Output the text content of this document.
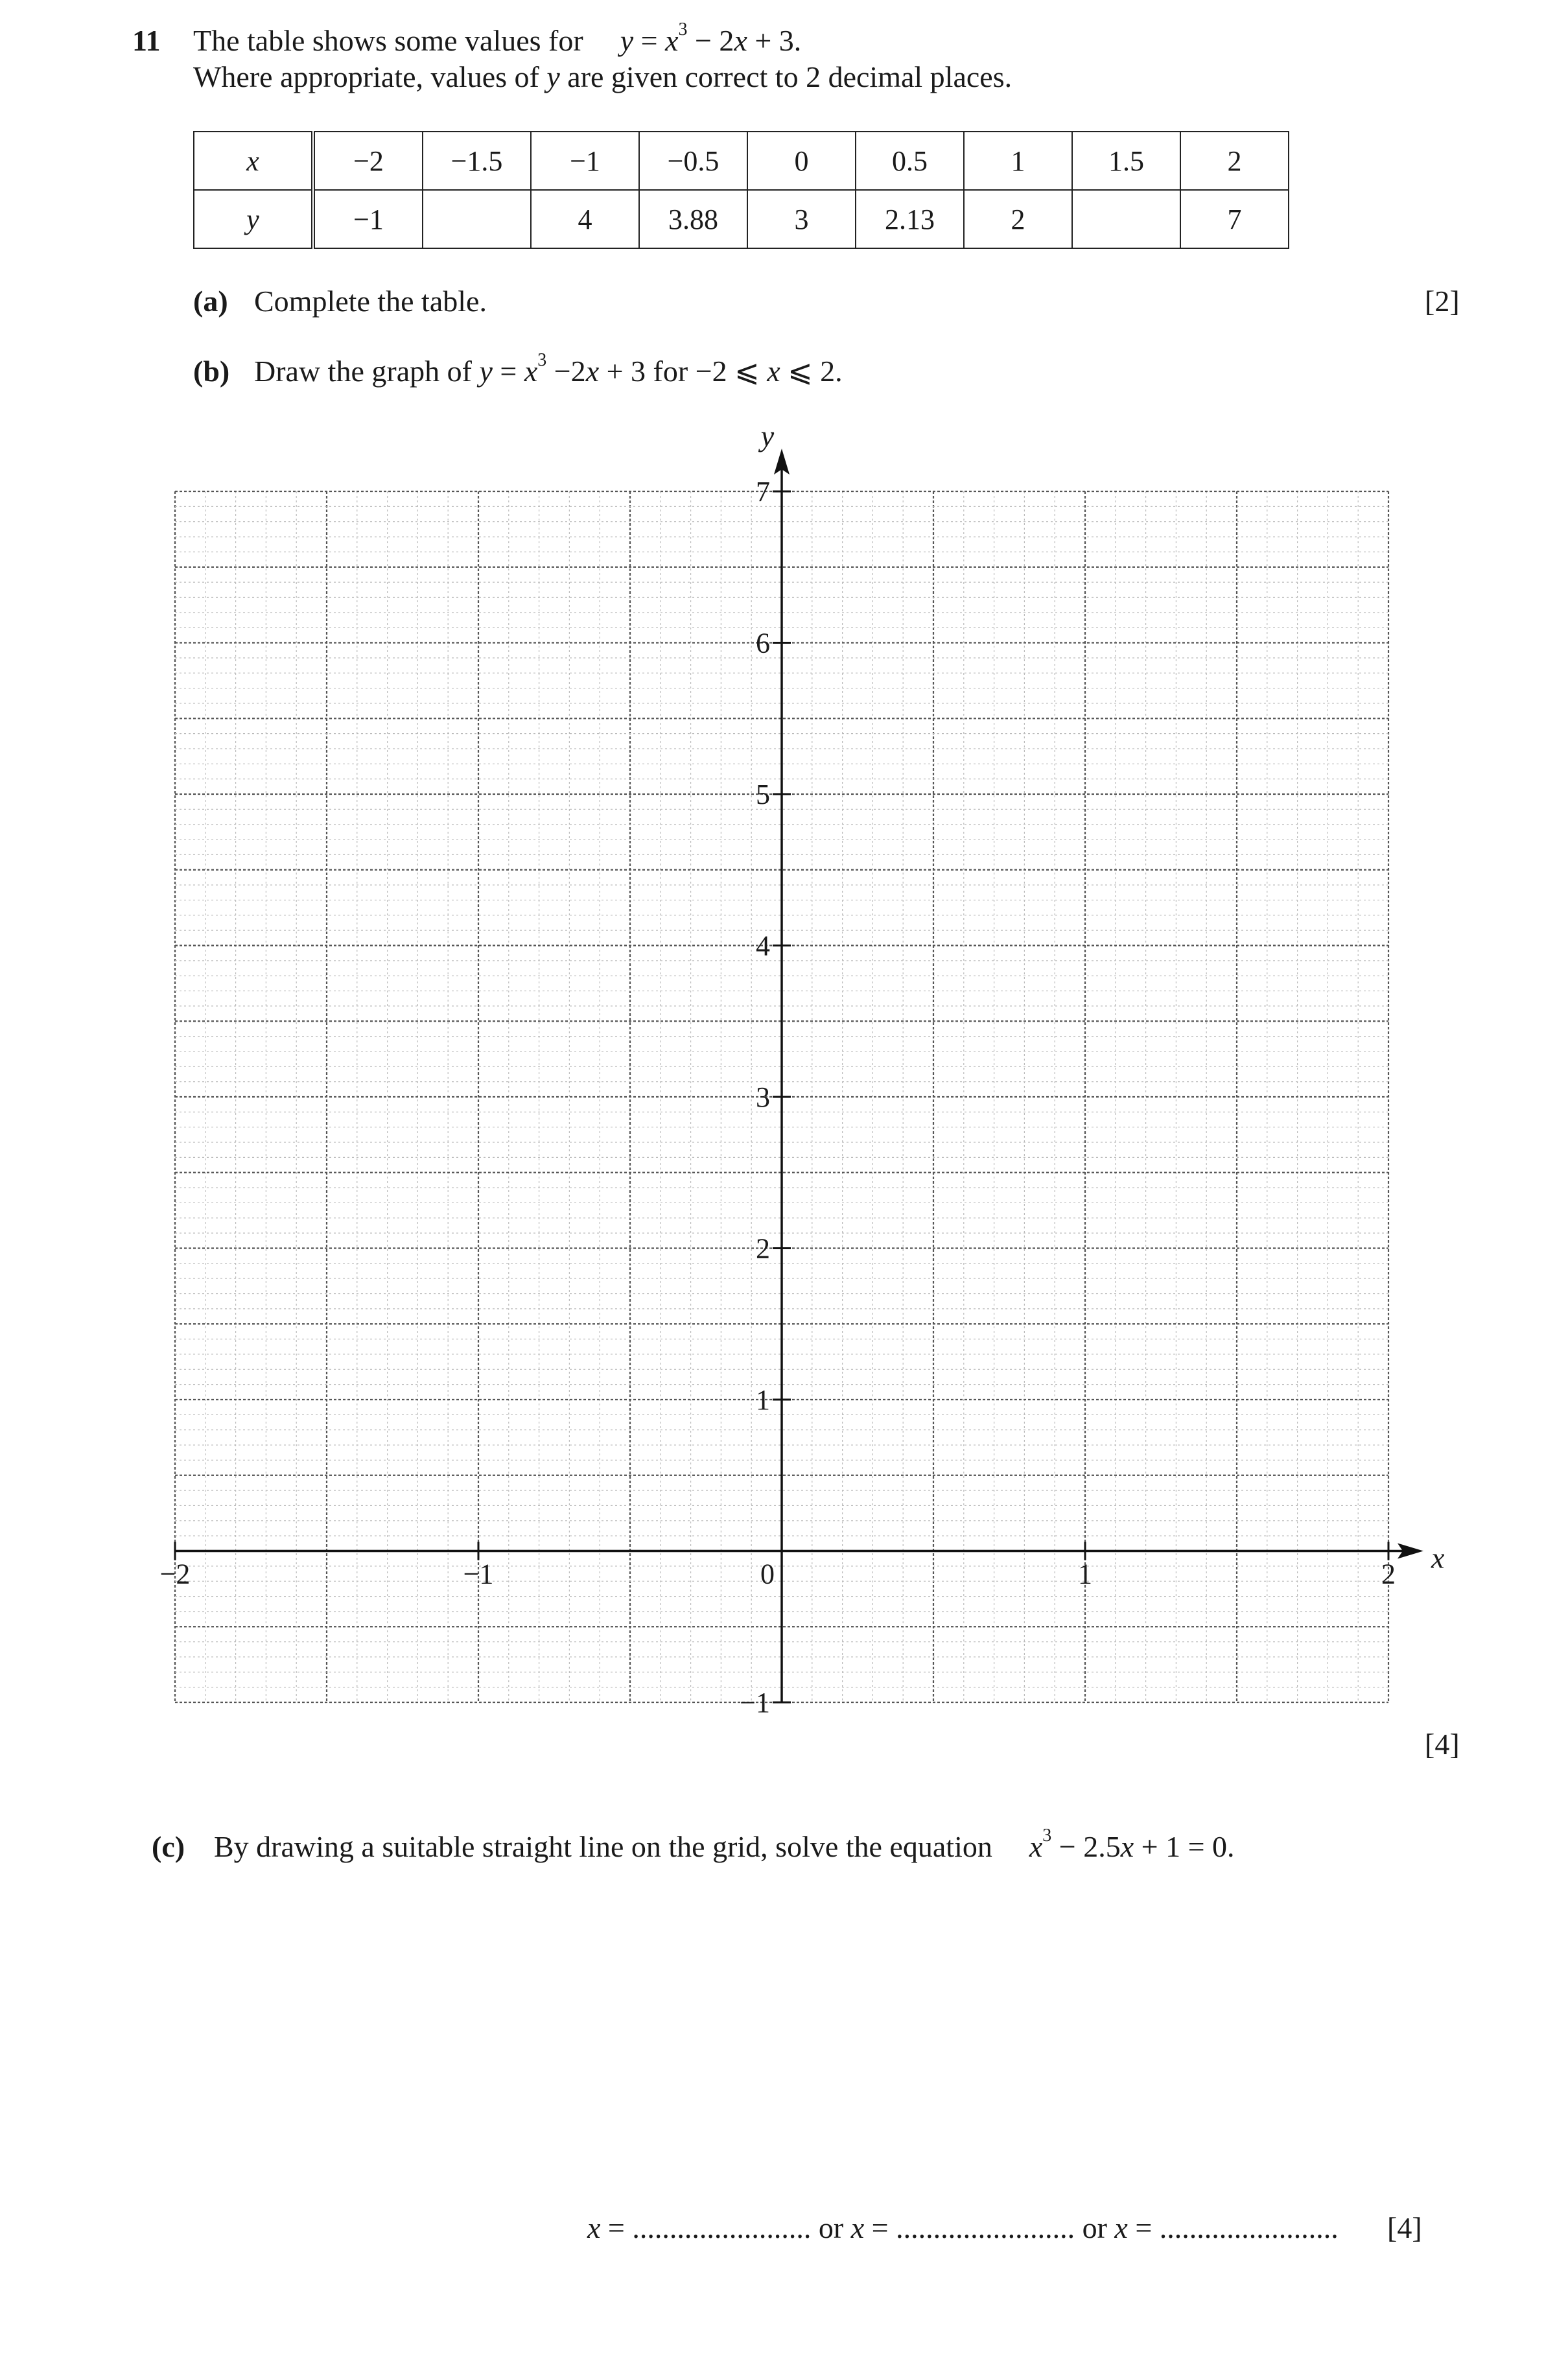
11 The table shows some values for $y = x^3 - 2x + 3$.
Where appropriate, values of y are given correct to 2 decimal places.
x	−2	−1.5	−1	−0.5	0	0.5	1	1.5	2
y	−1		4	3.88	3	2.13	2		7
(a) Complete the table.	[2]
(b) Draw the graph of $y = x^3 -2x + 3$ for −2 ⩽ x ⩽ 2.
−2	−1	0	1	2
−1
1
2
3
4
5
6
7
x
y
[4]
(c) By drawing a suitable straight line on the grid, solve the equation $x^3 - 2.5x + 1 = 0$.
x = ........................ or x = ........................ or x = ........................ [4]
